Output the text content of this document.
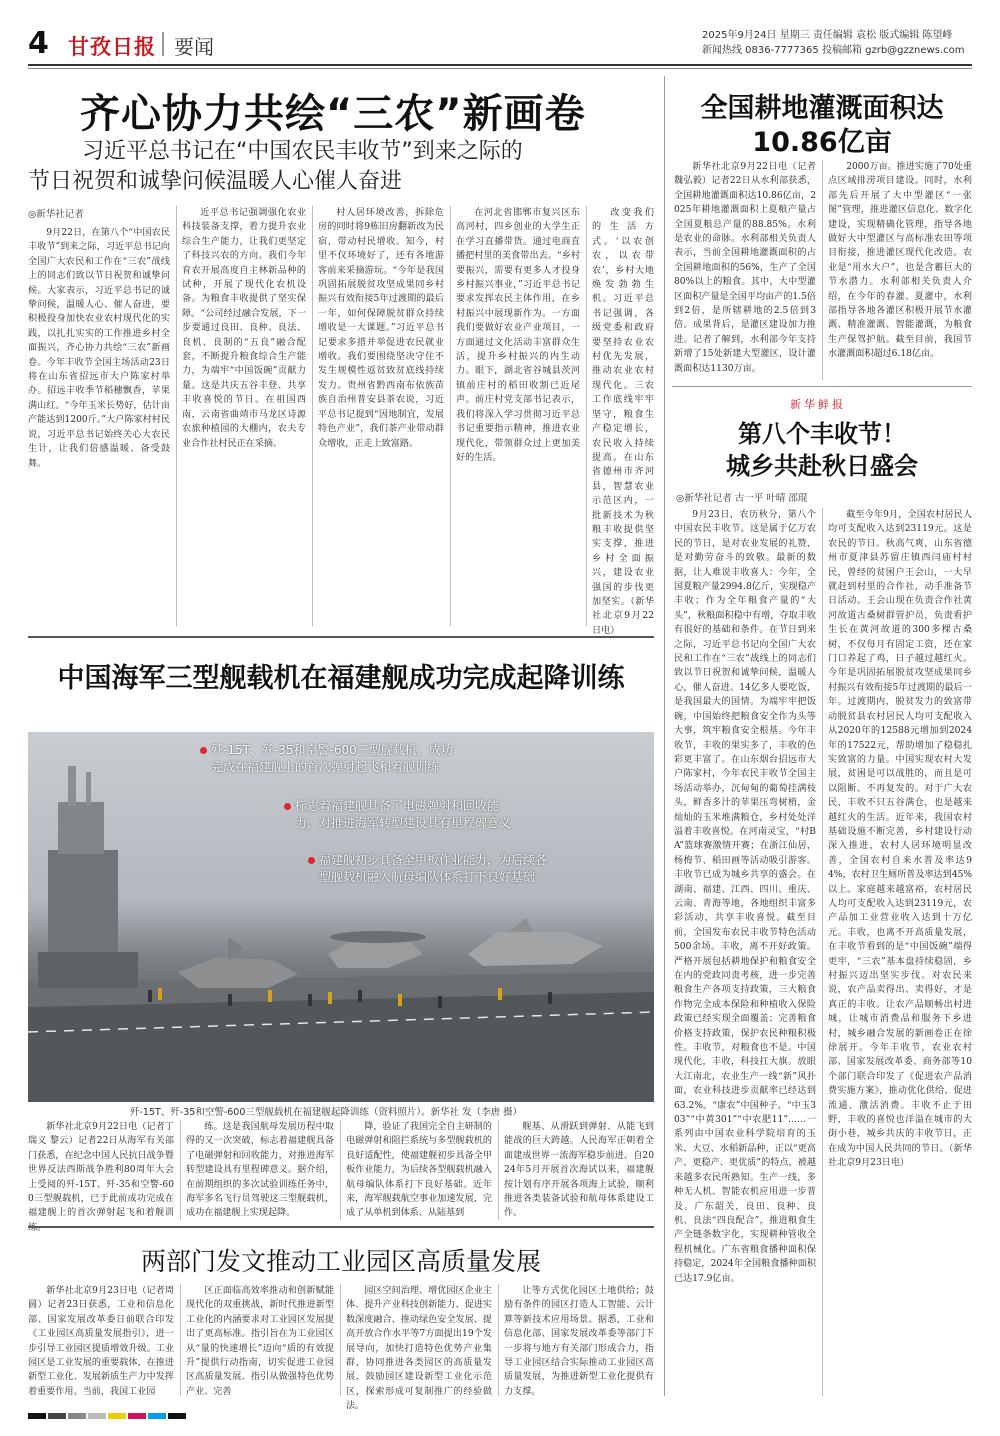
4 甘孜日报 要闻	2025年9月24日 星期三 责任编辑 袁松 版式编辑 陈望峰
新闻热线 0836-7777365 投稿邮箱 gzrb@gzznews.com
齐心协力共绘“三农”新画卷
习近平总书记在“中国农民丰收节”到来之际的
节日祝贺和诚挚问候温暖人心催人奋进
◎新华社记者

9月22日，在第八个“中国农民丰收节”到来之际，习近平总书记向全国广大农民和工作在“三农”战线上的同志们致以节日祝贺和诚挚问候。大家表示，习近平总书记的诚挚问候，温暖人心、催人奋进，要积极投身加快农业农村现代化的实践，以扎扎实实的工作推进乡村全面振兴，齐心协力共绘“三农”新画卷。今年丰收节全国主场活动23日将在山东省招远市大户陈家村举办。招远丰收季节稻穗飘香，苹果满山红。“今年玉米长势好，估计亩产能达到1200斤。”大户陈家村村民说，习近平总书记始终关心大农民生计，让我们倍感温暖、备受鼓舞。

近平总书记强调强化农业科技装备支撑，着力提升农业综合生产能力，让我们更坚定了科技兴农的方向。我们今年育农开展高度自主林新品种的试种，开展了现代化农机设备。为粮食丰收提供了坚实保障。“公司经过融合发展，下一步要通过良田、良种、良法、良机、良制的“五良”融合配套，不断提升粮食综合生产能力，为端牢“中国饭碗”贡献力量。这是共庆五谷丰登、共享丰收喜悦的节日。在祖国西南，云南省曲靖市马龙区诗源农旅种植园的大棚内，农夫专业合作社村民正在采摘。

村人居环境改善，拆除危房的同时将9栋旧房翻新改为民宿，带动村民增收。知今，村里不仅环境好了，还有各地游客前来采摘游玩。“今年是我国巩固拓展脱贫攻坚成果同乡村振兴有效衔接5年过渡期的最后一年，如何保障脱贫群众持续增收是一大课题。”习近平总书记要求多措并举促进农民就业增收。我们要围绕坚决守住不发生规模性返贫致贫底线持续发力。贵州省黔西南布依族苗族自治州普安县茶农说，习近平总书记提到“因地制宜，发展特色产业”，我们茶产业带动群众增收，正走上致富路。

在河北省邯郸市复兴区东高河村，四乡创业的大学生正在学习直播带货。通过电商直播把村里的美食带出去。“乡村要振兴，需要有更多人才投身乡村振兴事业，”习近平总书记要求发挥农民主体作用，在乡村振兴中展现新作为。一方面我们要做好农业产业项目，一方面通过文化活动丰富群众生活，提升乡村振兴的内生动力。眼下，湖北省谷城县茨河镇前庄村的稻田收割已近尾声。前庄村党支部书记表示，我们将深入学习贯彻习近平总书记重要指示精神，推进农业现代化，带领群众过上更加美好的生活。

改变我们的生活方式。‘以农创农，以农带农’，乡村大地焕发勃勃生机。习近平总书记强调，各级党委和政府要坚持农业农村优先发展，推动农业农村现代化。三农工作底线牢牢坚守，粮食生产稳定增长，农民收入持续提高。在山东省德州市齐河县，智慧农业示范区内，一批新技术为秋粮丰收提供坚实支撑，推进乡村全面振兴，建设农业强国的步伐更加坚实。（新华社北京9月22日电）

全国耕地灌溉面积达
10.86亿亩

新华社北京9月22日电（记者魏弘毅）记者22日从水利部获悉，全国耕地灌溉面积达10.86亿亩，2025年耕地灌溉面积上夏粮产量占全国夏粮总产量的88.85%。水利是农业的命脉。水利部相关负责人表示，当前全国耕地灌溉面积的占全国耕地面积的56%，生产了全国80%以上的粮食。其中，大中型灌区面积产量是全国平均亩产的1.5倍到2倍，是所辖耕地的2.5倍到3倍。成果背后，是灌区建设加力推进。记者了解到，水利部今年支持新增了15处新建大型灌区，设计灌溉面积达1130万亩。

2000万亩。推进实施了70处重点区域排涝项目建设。同时，水利部先后开展了大中型灌区“一张图”管理，推进灌区信息化、数字化建设，实现精确化管理，指导各地做好大中型灌区与高标准农田等项目衔接，推进灌区现代化改造。农业是“用水大户”，也是含蓄巨大的节水潜力。水利部相关负责人介绍，在今年的春灌、夏灌中，水利部指导各地各灌区积极开展节水灌溉、精准灌溉、智能灌溉，为粮食生产保驾护航。截至目前，我国节水灌溉面积超过6.18亿亩。

新华鲜报
第八个丰收节！
城乡共赴秋日盛会
◎新华社记者 古一平 叶晴 邵琨

9月23日，农历秋分，第八个中国农民丰收节。这是属于亿万农民的节日，是对农业发展的礼赞，是对勤劳奋斗的致敬。最新的数据，让人难说丰收喜人：今年，全国夏粮产量2994.8亿斤，实现稳产丰收；作为全年粮食产量的“大头”，秋粮面积稳中有增，夺取丰收有很好的基础和条件。在节日到来之际，习近平总书记向全国广大农民和工作在“三农”战线上的同志们致以节日祝贺和诚挚问候，温暖人心，催人奋进。14亿多人要吃饭，是我国最大的国情。为端牢牢把饭碗，中国始终把粮食安全作为头等大事，筑牢粮食安全根基。今年丰收节，丰收的果实多了，丰收的色彩更丰富了。在山东烟台招远市大户陈家村，今年农民丰收节全国主场活动举办，沉甸甸的葡萄挂满枝头，鲜香多汁的苹果压弯树梢，金灿灿的玉米堆满粮仓，乡村处处洋溢着丰收喜悦。在河南灵宝，“村BA”篮球赛激情开赛；在浙江仙居，杨梅节、稻田画等活动吸引游客。丰收节已成为城乡共享的盛会。在湖南、福建、江西、四川、重庆、云南、青海等地，各地组织丰富多彩活动，共享丰收喜悦。截至目前，全国发布农民丰收节特色活动500余场。丰收，离不开好政策。严格开展包括耕地保护和粮食安全在内的党政同责考核，进一步完善粮食生产各项支持政策，三大粮食作物完全成本保险和种植收入保险政策已经实现全面覆盖；完善粮食价格支持政策，保护农民种粮积极性。丰收节，对粮食也不是。中国现代化，丰收，科技扛大旗。放眼大江南北，农业生产一线“新”风扑面，农业科技进步贡献率已经达到63.2%。“康农”中国种子。“中玉303”“中黄301”“中农肥11”……一系列由中国农业科学院培育的玉米、大豆、水稻新品种，正以“更高产、更稳产、更优质”的特点，被越来越多农民所熟知。生产一线，多种无人机、智能农机应用进一步普及。广东韶关，良田、良种、良机、良法“四良配合”，推进粮食生产全链条数字化，实现耕种管收全程机械化。广东省粮食播种面积保持稳定，2024年全国粮食播种面积已达17.9亿亩。

截至今年9月，全国农村居民人均可支配收入达到23119元。这是农民的节日。秋高气爽，山东省德州市夏津县苏留庄镇西闫庙村村民，曾经的贫困户王会山，一大早就赶到村里的合作社，动手准备节日活动。王会山现在负责合作社黄河故道古桑树群管护员，负责看护生长在黄河故道的300多棵古桑树，不仅每月有固定工资，还在家门口养起了鸡，日子越过越红火。今年是巩固拓展脱贫攻坚成果同乡村振兴有效衔接5年过渡期的最后一年。过渡期内，脱贫发力的致富带动脱贫县农村居民人均可支配收入从2020年的12588元增加到2024年的17522元，帮助增加了稳稳扎实致富的力量。中国实现农村大发展，贫困是可以战胜的，而且是可以阻断、不再复发的。对于广大农民，丰收不只五谷满仓，也是越来越红火的生活。近年来，我国农村基础设施不断完善，乡村建设行动深入推进，农村人居环境明显改善，全国农村自来水普及率达94%，农村卫生厕所普及率达到45%以上。家庭越来越富裕，农村居民人均可支配收入达到23119元，农产品加工业营业收入达到十万亿元。丰收，也离不开高质量发展，在丰收节看到的是“中国饭碗”端得更牢，“三农”基本盘持续稳固，乡村振兴迈出坚实步伐。对农民来说，农产品卖得出、卖得好，才是真正的丰收。让农产品顺畅出村进城，让城市消费品和服务下乡进村，城乡融合发展的新画卷正在徐徐展开。今年丰收节，农业农村部、国家发展改革委、商务部等10个部门联合印发了《促进农产品消费实施方案》，推动优化供给、促进流通、激活消费。丰收不止于田野，丰收的喜悦也洋溢在城市的大街小巷，城乡共庆的丰收节日，正在成为中国人民共同的节日。（新华社北京9月23日电）

中国海军三型舰载机在福建舰成功完成起降训练
歼-15T、歼-35和空警-600三型舰载机，成功
完成在福建舰上的首次弹射起飞和着舰训练
标志着福建舰具备了电磁弹射和回收能
力，对推进海军转型建设具有里程碑意义
福建舰初步具备全甲板作业能力，为后续各
型舰载机融入航母编队体系打下良好基础
歼-15T、歼-35和空警-600三型舰载机在福建舰起降训练（资料照片）。新华社 发（李唐 摄）

新华社北京9月22日电（记者丁瑞义 黎云）记者22日从海军有关部门获悉，在纪念中国人民抗日战争暨世界反法西斯战争胜利80周年大会上受阅的歼-15T、歼-35和空警-600三型舰载机，已于此前成功完成在福建舰上的首次弹射起飞和着舰训

练。这是我国航母发展历程中取得的又一次突破，标志着福建舰具备了电磁弹射和回收能力，对推进海军转型建设具有里程碑意义。据介绍，在前期组织的多次试验训练任务中，海军多名飞行员驾驶这三型舰载机，成功在福建舰上实现起降。

降，验证了我国完全自主研制的电磁弹射和阻拦系统与多型舰载机的良好适配性，使福建舰初步具备全甲板作业能力，为后续各型舰载机融入航母编队体系打下良好基础。近年来，海军舰载航空事业加速发展，完成了从单机到体系、从陆基到

舰基、从滑跃到弹射、从能飞到能战的巨大跨越。人民海军正朝着全面建成世界一流海军稳步前进。自2024年5月开展首次海试以来，福建舰按计划有序开展各项海上试验，顺利推进各类装备试验和航母体系建设工作。

两部门发文推动工业园区高质量发展

新华社北京9月23日电（记者周圆）记者23日获悉，工业和信息化部、国家发展改革委日前联合印发《工业园区高质量发展指引》，进一步引导工业园区提质增效升级。工业园区是工业发展的重要载体，在推进新型工业化、发展新质生产力中发挥着重要作用。当前，我国工业园

区正面临高效率推动和创新赋能现代化的双重挑战，新时代推进新型工业化的内涵要求对工业园区发展提出了更高标准。指引旨在为工业园区从“量的快速增长”迈向“质的有效提升”提供行动指南，切实促进工业园区高质量发展。指引从做强特色优势产业、完善

园区空间治理、增优园区企业主体、提升产业科技创新能力、促进实数深度融合、推动绿色安全发展、提高开放合作水平等7方面提出19个发展导向，加快打造特色优势产业集群，协同推进各类园区的高质量发展，鼓励园区建设新型工业化示范区，探索形成可复制推广的经验做法。

让等方式优化园区土地供给；鼓励有条件的园区打造人工智能、云计算等新技术应用场景。据悉，工业和信息化部、国家发展改革委等部门下一步将与地方有关部门形成合力，指导工业园区结合实际推动工业园区高质量发展，为推进新型工业化提供有力支撑。
